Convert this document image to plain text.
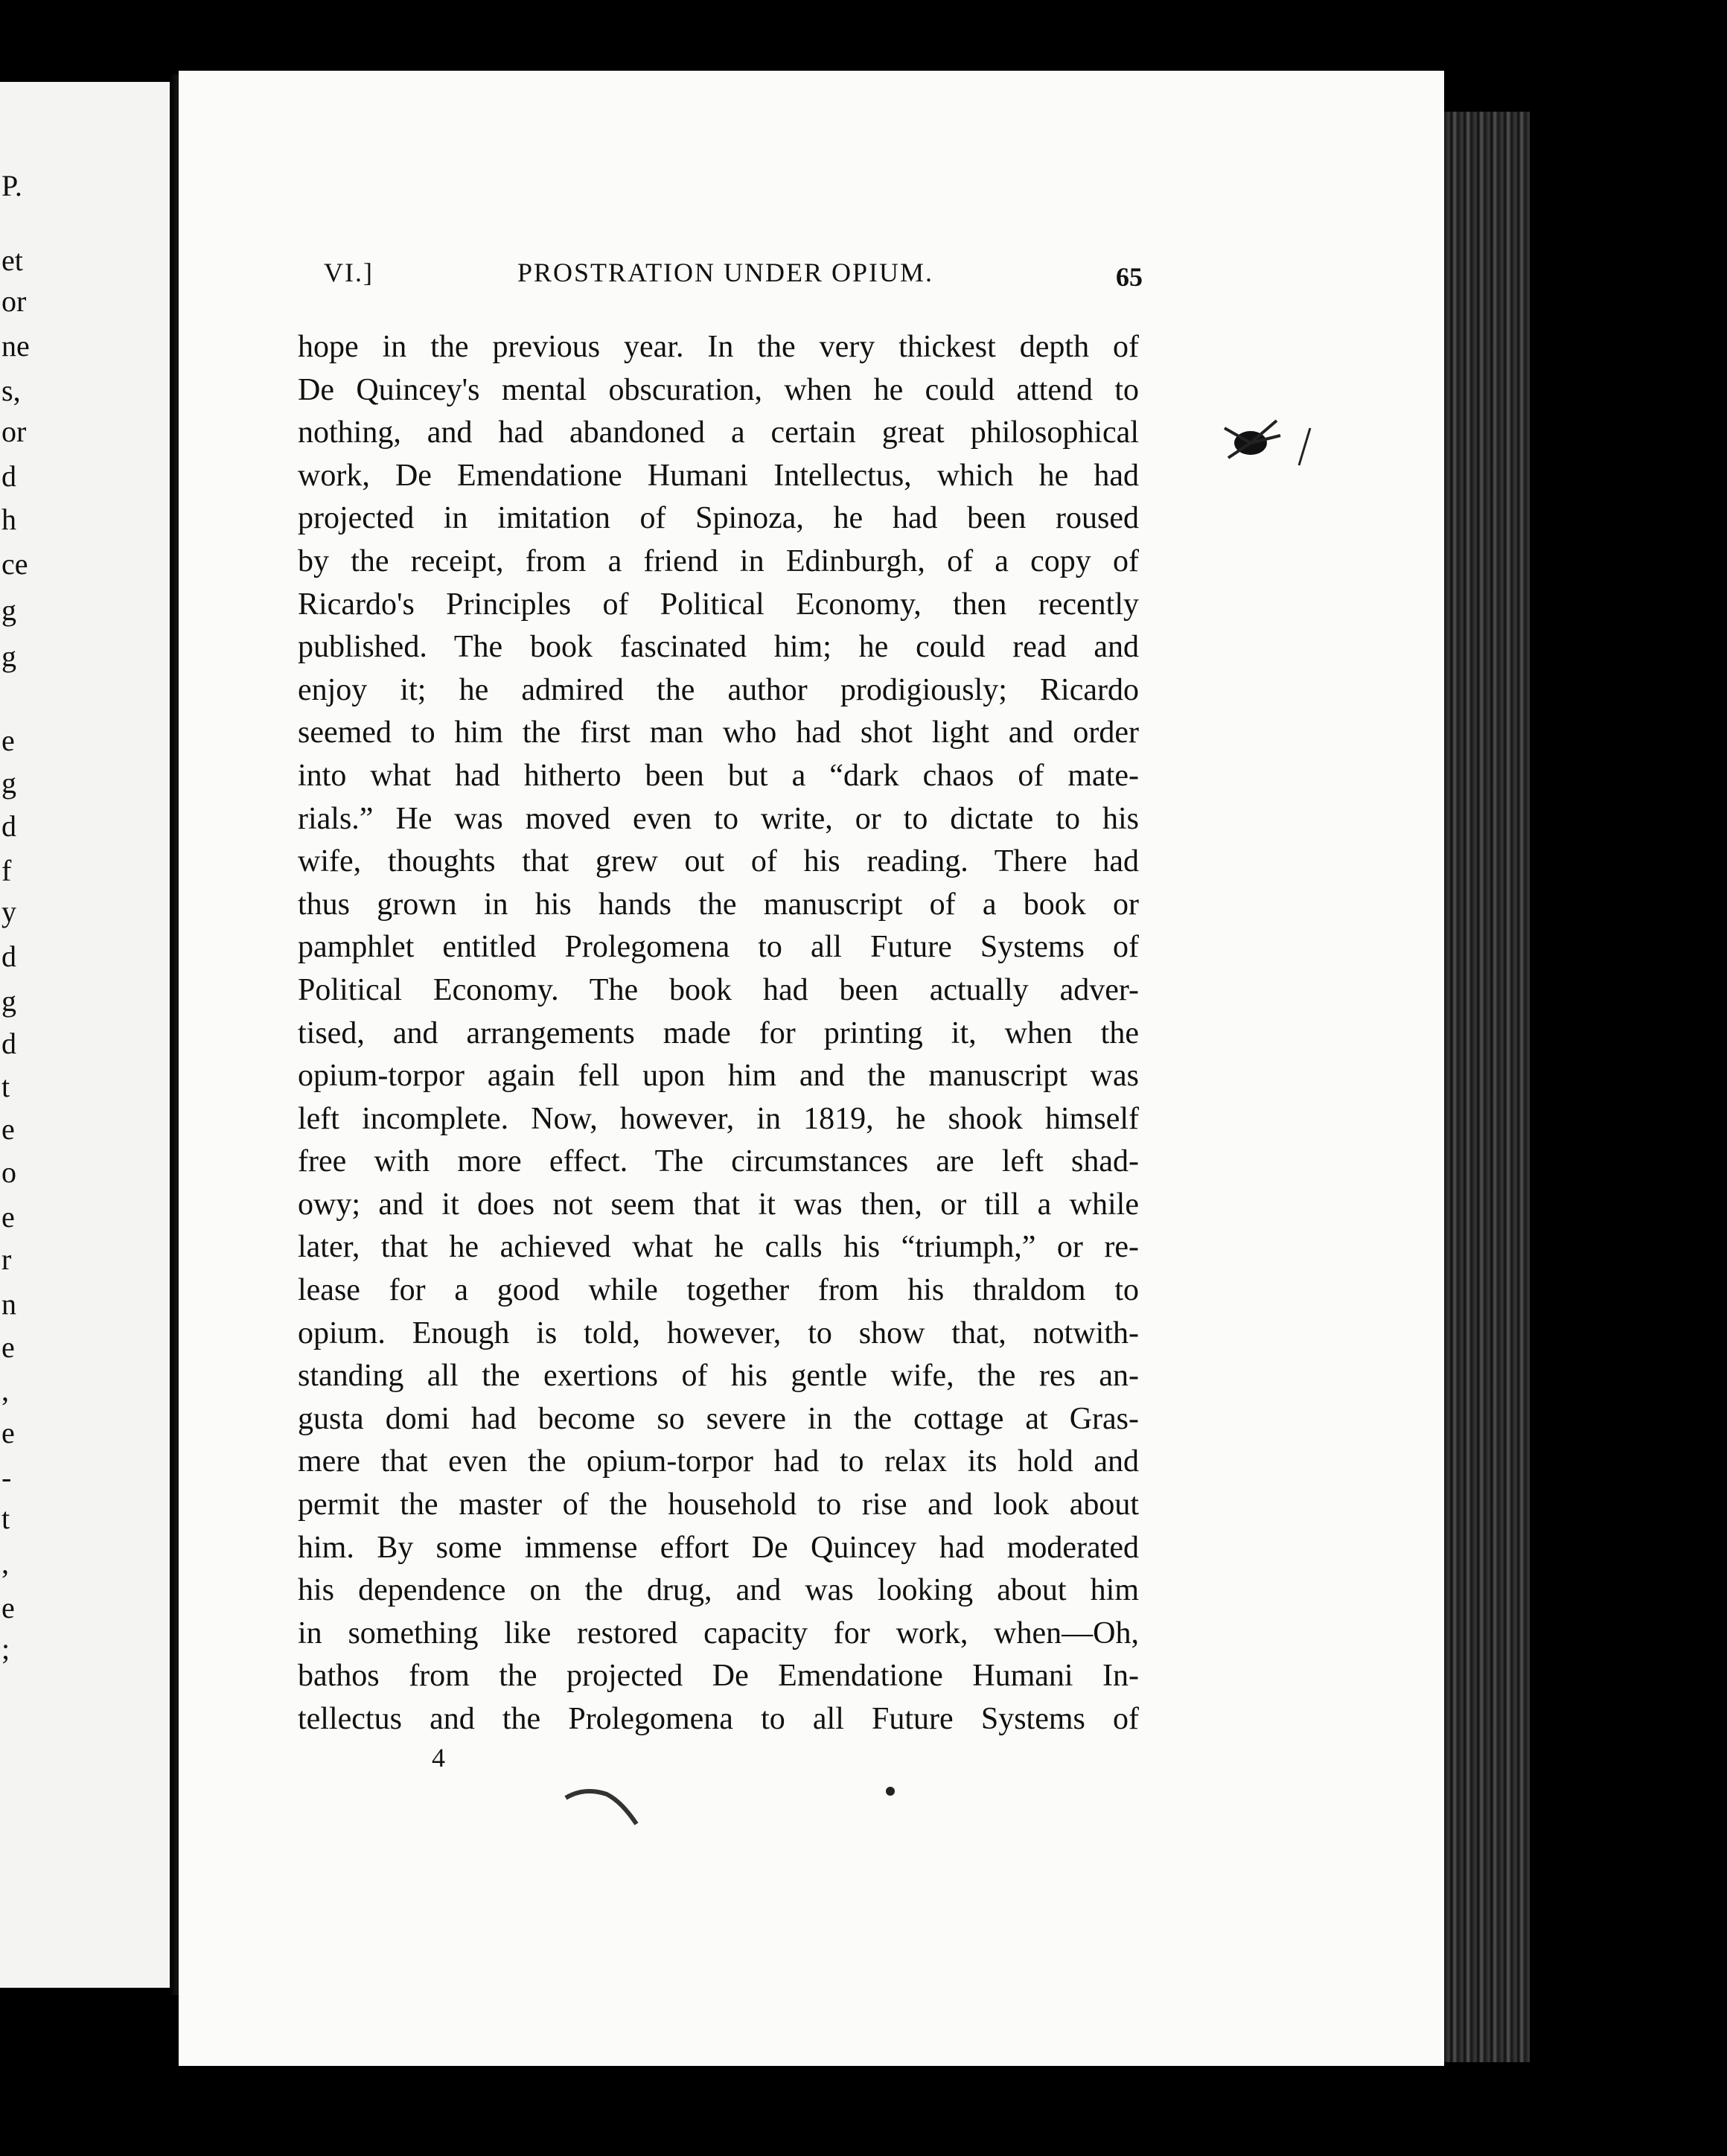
P.
et
or
ne
s,
or
d
h
ce
g
g
e
g
d
f
y
d
g
d
t
e
o
e
r
n
e
,
e
-
t
,
e
;
VI.]	PROSTRATION UNDER OPIUM.	65
hope in the previous year. In the very thickest depth of
De Quincey's mental obscuration, when he could attend to
nothing, and had abandoned a certain great philosophical
work, De Emendatione Humani Intellectus, which he had
projected in imitation of Spinoza, he had been roused
by the receipt, from a friend in Edinburgh, of a copy of
Ricardo's Principles of Political Economy, then recently
published. The book fascinated him; he could read and
enjoy it; he admired the author prodigiously; Ricardo
seemed to him the first man who had shot light and order
into what had hitherto been but a “dark chaos of mate-
rials.” He was moved even to write, or to dictate to his
wife, thoughts that grew out of his reading. There had
thus grown in his hands the manuscript of a book or
pamphlet entitled Prolegomena to all Future Systems of
Political Economy. The book had been actually adver-
tised, and arrangements made for printing it, when the
opium-torpor again fell upon him and the manuscript was
left incomplete. Now, however, in 1819, he shook himself
free with more effect. The circumstances are left shad-
owy; and it does not seem that it was then, or till a while
later, that he achieved what he calls his “triumph,” or re-
lease for a good while together from his thraldom to
opium. Enough is told, however, to show that, notwith-
standing all the exertions of his gentle wife, the res an-
gusta domi had become so severe in the cottage at Gras-
mere that even the opium-torpor had to relax its hold and
permit the master of the household to rise and look about
him. By some immense effort De Quincey had moderated
his dependence on the drug, and was looking about him
in something like restored capacity for work, when—Oh,
bathos from the projected De Emendatione Humani In-
tellectus and the Prolegomena to all Future Systems of
4
